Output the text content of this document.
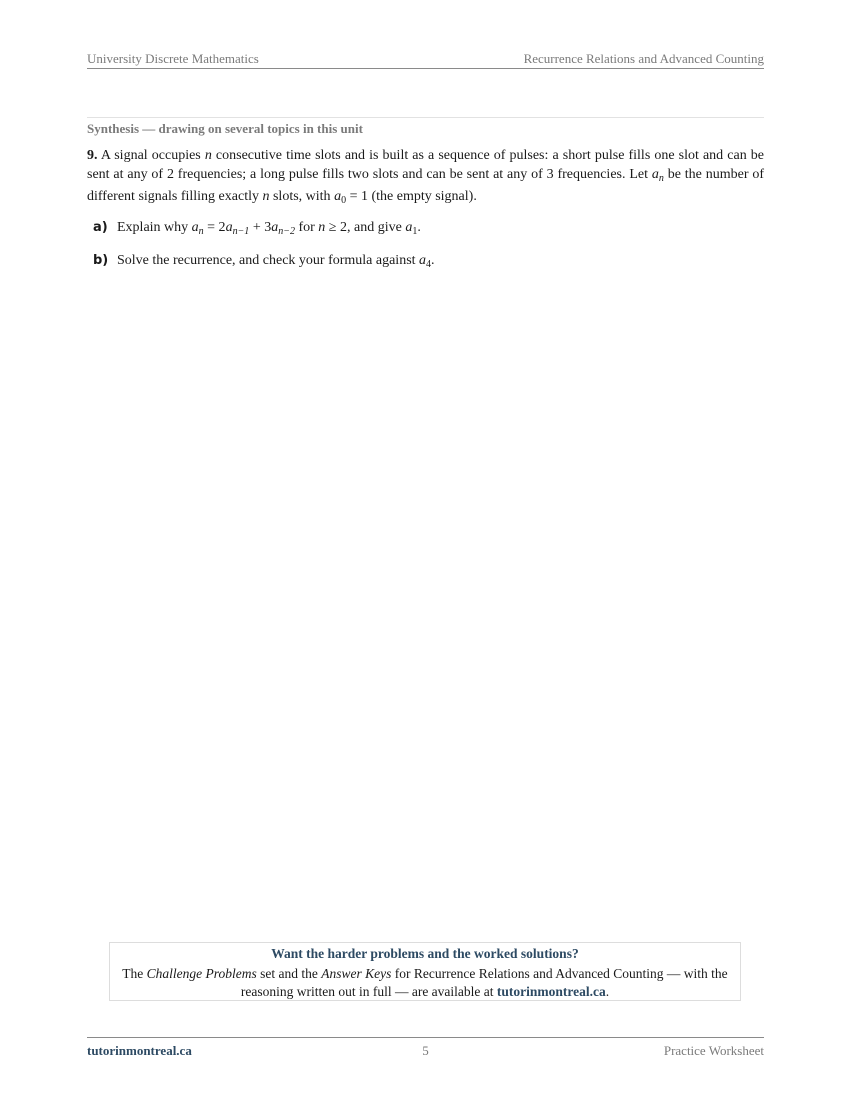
University Discrete Mathematics	Recurrence Relations and Advanced Counting
Synthesis — drawing on several topics in this unit

9. A signal occupies n consecutive time slots and is built as a sequence of pulses: a short pulse fills one slot and can be sent at any of 2 frequencies; a long pulse fills two slots and can be sent at any of 3 frequencies. Let $a_n$ be the number of different signals filling exactly n slots, with $a_0 = 1$ (the empty signal).

a) Explain why $a_n = 2a_{n-1} + 3a_{n-2}$ for n ≥ 2, and give $a_1$.
b) Solve the recurrence, and check your formula against $a_4$.
Want the harder problems and the worked solutions?
The Challenge Problems set and the Answer Keys for Recurrence Relations and Advanced Counting — with the reasoning written out in full — are available at tutorinmontreal.ca.
tutorinmontreal.ca	5	Practice Worksheet
